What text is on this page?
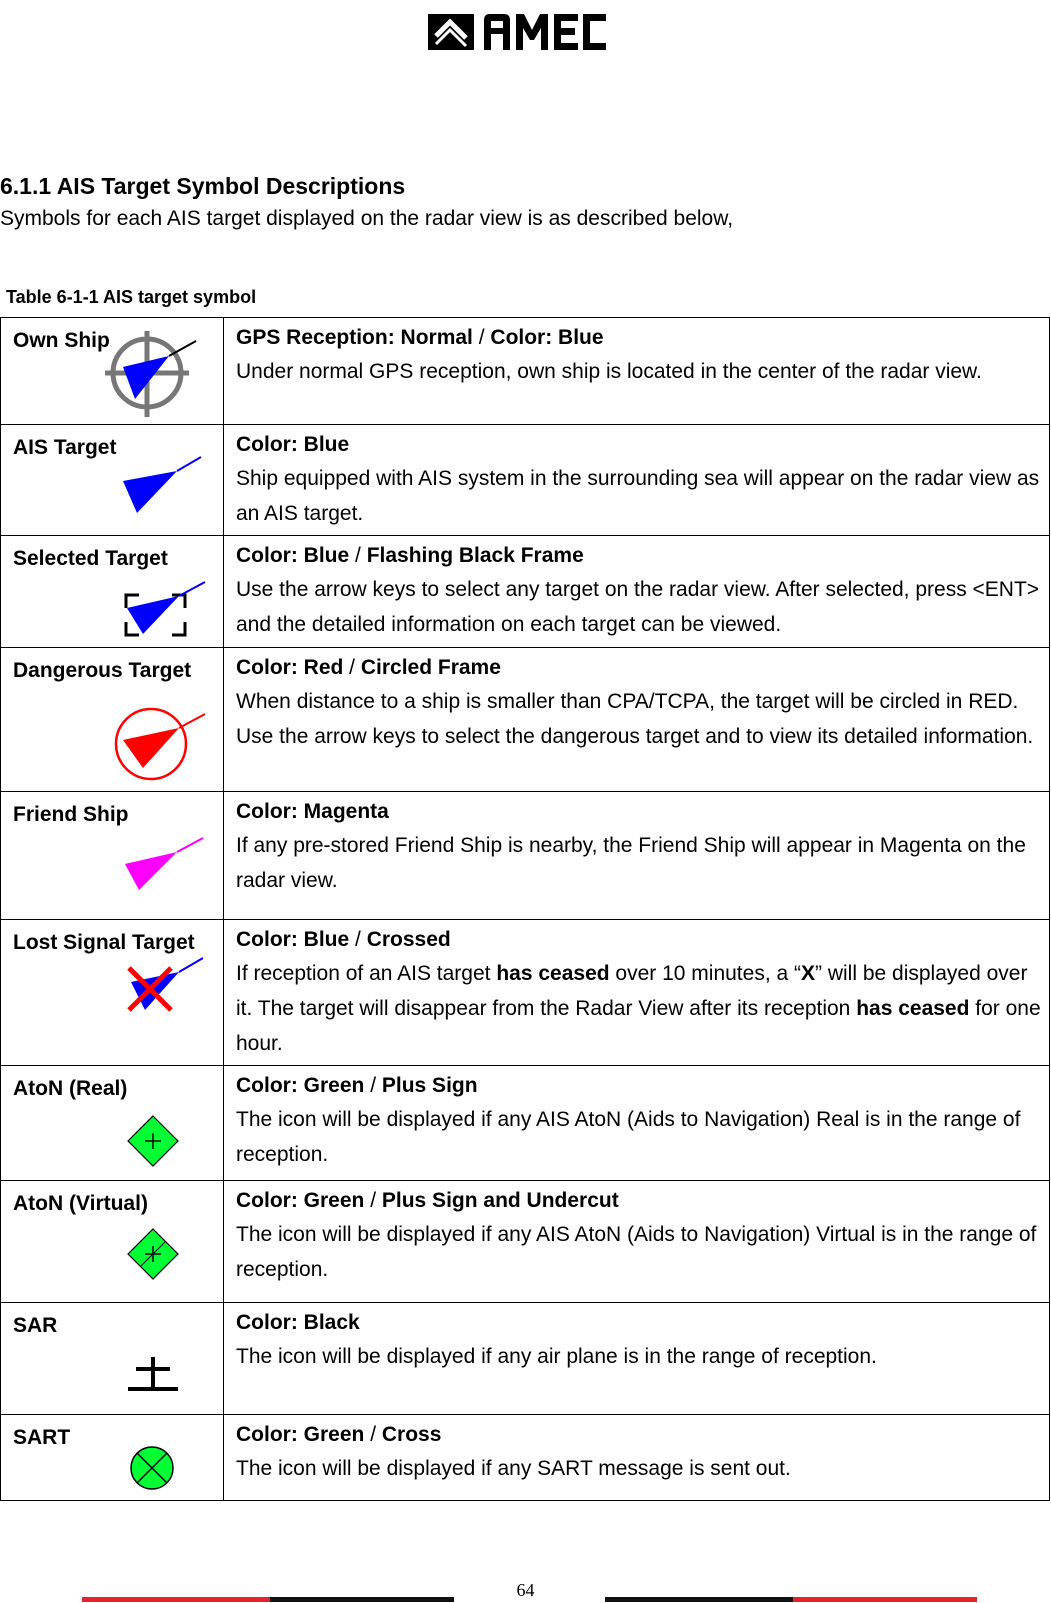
6.1.1 AIS Target Symbol Descriptions
Symbols for each AIS target displayed on the radar view is as described below,
Table 6-1-1 AIS target symbol
Own Ship	GPS Reception: Normal / Color: Blue
Under normal GPS reception, own ship is located in the center of the radar view.

AIS Target	Color: Blue
Ship equipped with AIS system in the surrounding sea will appear on the radar view as an AIS target.

Selected Target	Color: Blue / Flashing Black Frame
Use the arrow keys to select any target on the radar view. After selected, press <ENT> and the detailed information on each target can be viewed.

Dangerous Target	Color: Red / Circled Frame
When distance to a ship is smaller than CPA/TCPA, the target will be circled in RED. Use the arrow keys to select the dangerous target and to view its detailed information.

Friend Ship	Color: Magenta
If any pre-stored Friend Ship is nearby, the Friend Ship will appear in Magenta on the radar view.

Lost Signal Target	Color: Blue / Crossed
If reception of an AIS target has ceased over 10 minutes, a “X” will be displayed over it. The target will disappear from the Radar View after its reception has ceased for one hour.

AtoN (Real)	Color: Green / Plus Sign
The icon will be displayed if any AIS AtoN (Aids to Navigation) Real is in the range of reception.

AtoN (Virtual)	Color: Green / Plus Sign and Undercut
The icon will be displayed if any AIS AtoN (Aids to Navigation) Virtual is in the range of reception.

SAR	Color: Black
The icon will be displayed if any air plane is in the range of reception.

SART	Color: Green / Cross
The icon will be displayed if any SART message is sent out.
64
